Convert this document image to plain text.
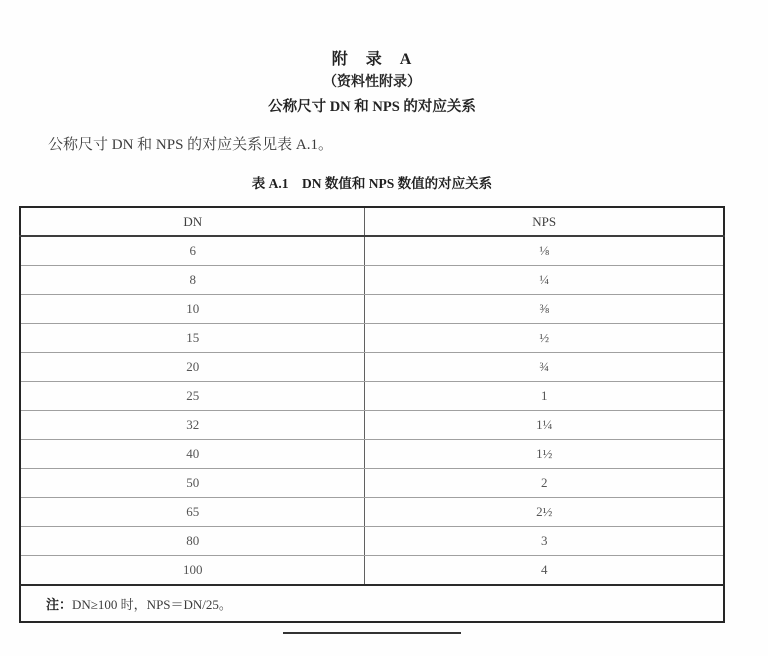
附　录　A
（资料性附录）
公称尺寸 DN 和 NPS 的对应关系

公称尺寸 DN 和 NPS 的对应关系见表 A.1。

表 A.1　DN 数值和 NPS 数值的对应关系
DN	NPS
6	⅛
8	¼
10	⅜
15	½
20	¾
25	1
32	1¼
40	1½
50	2
65	2½
80	3
100	4
注：DN≥100 时，NPS＝DN/25。	
